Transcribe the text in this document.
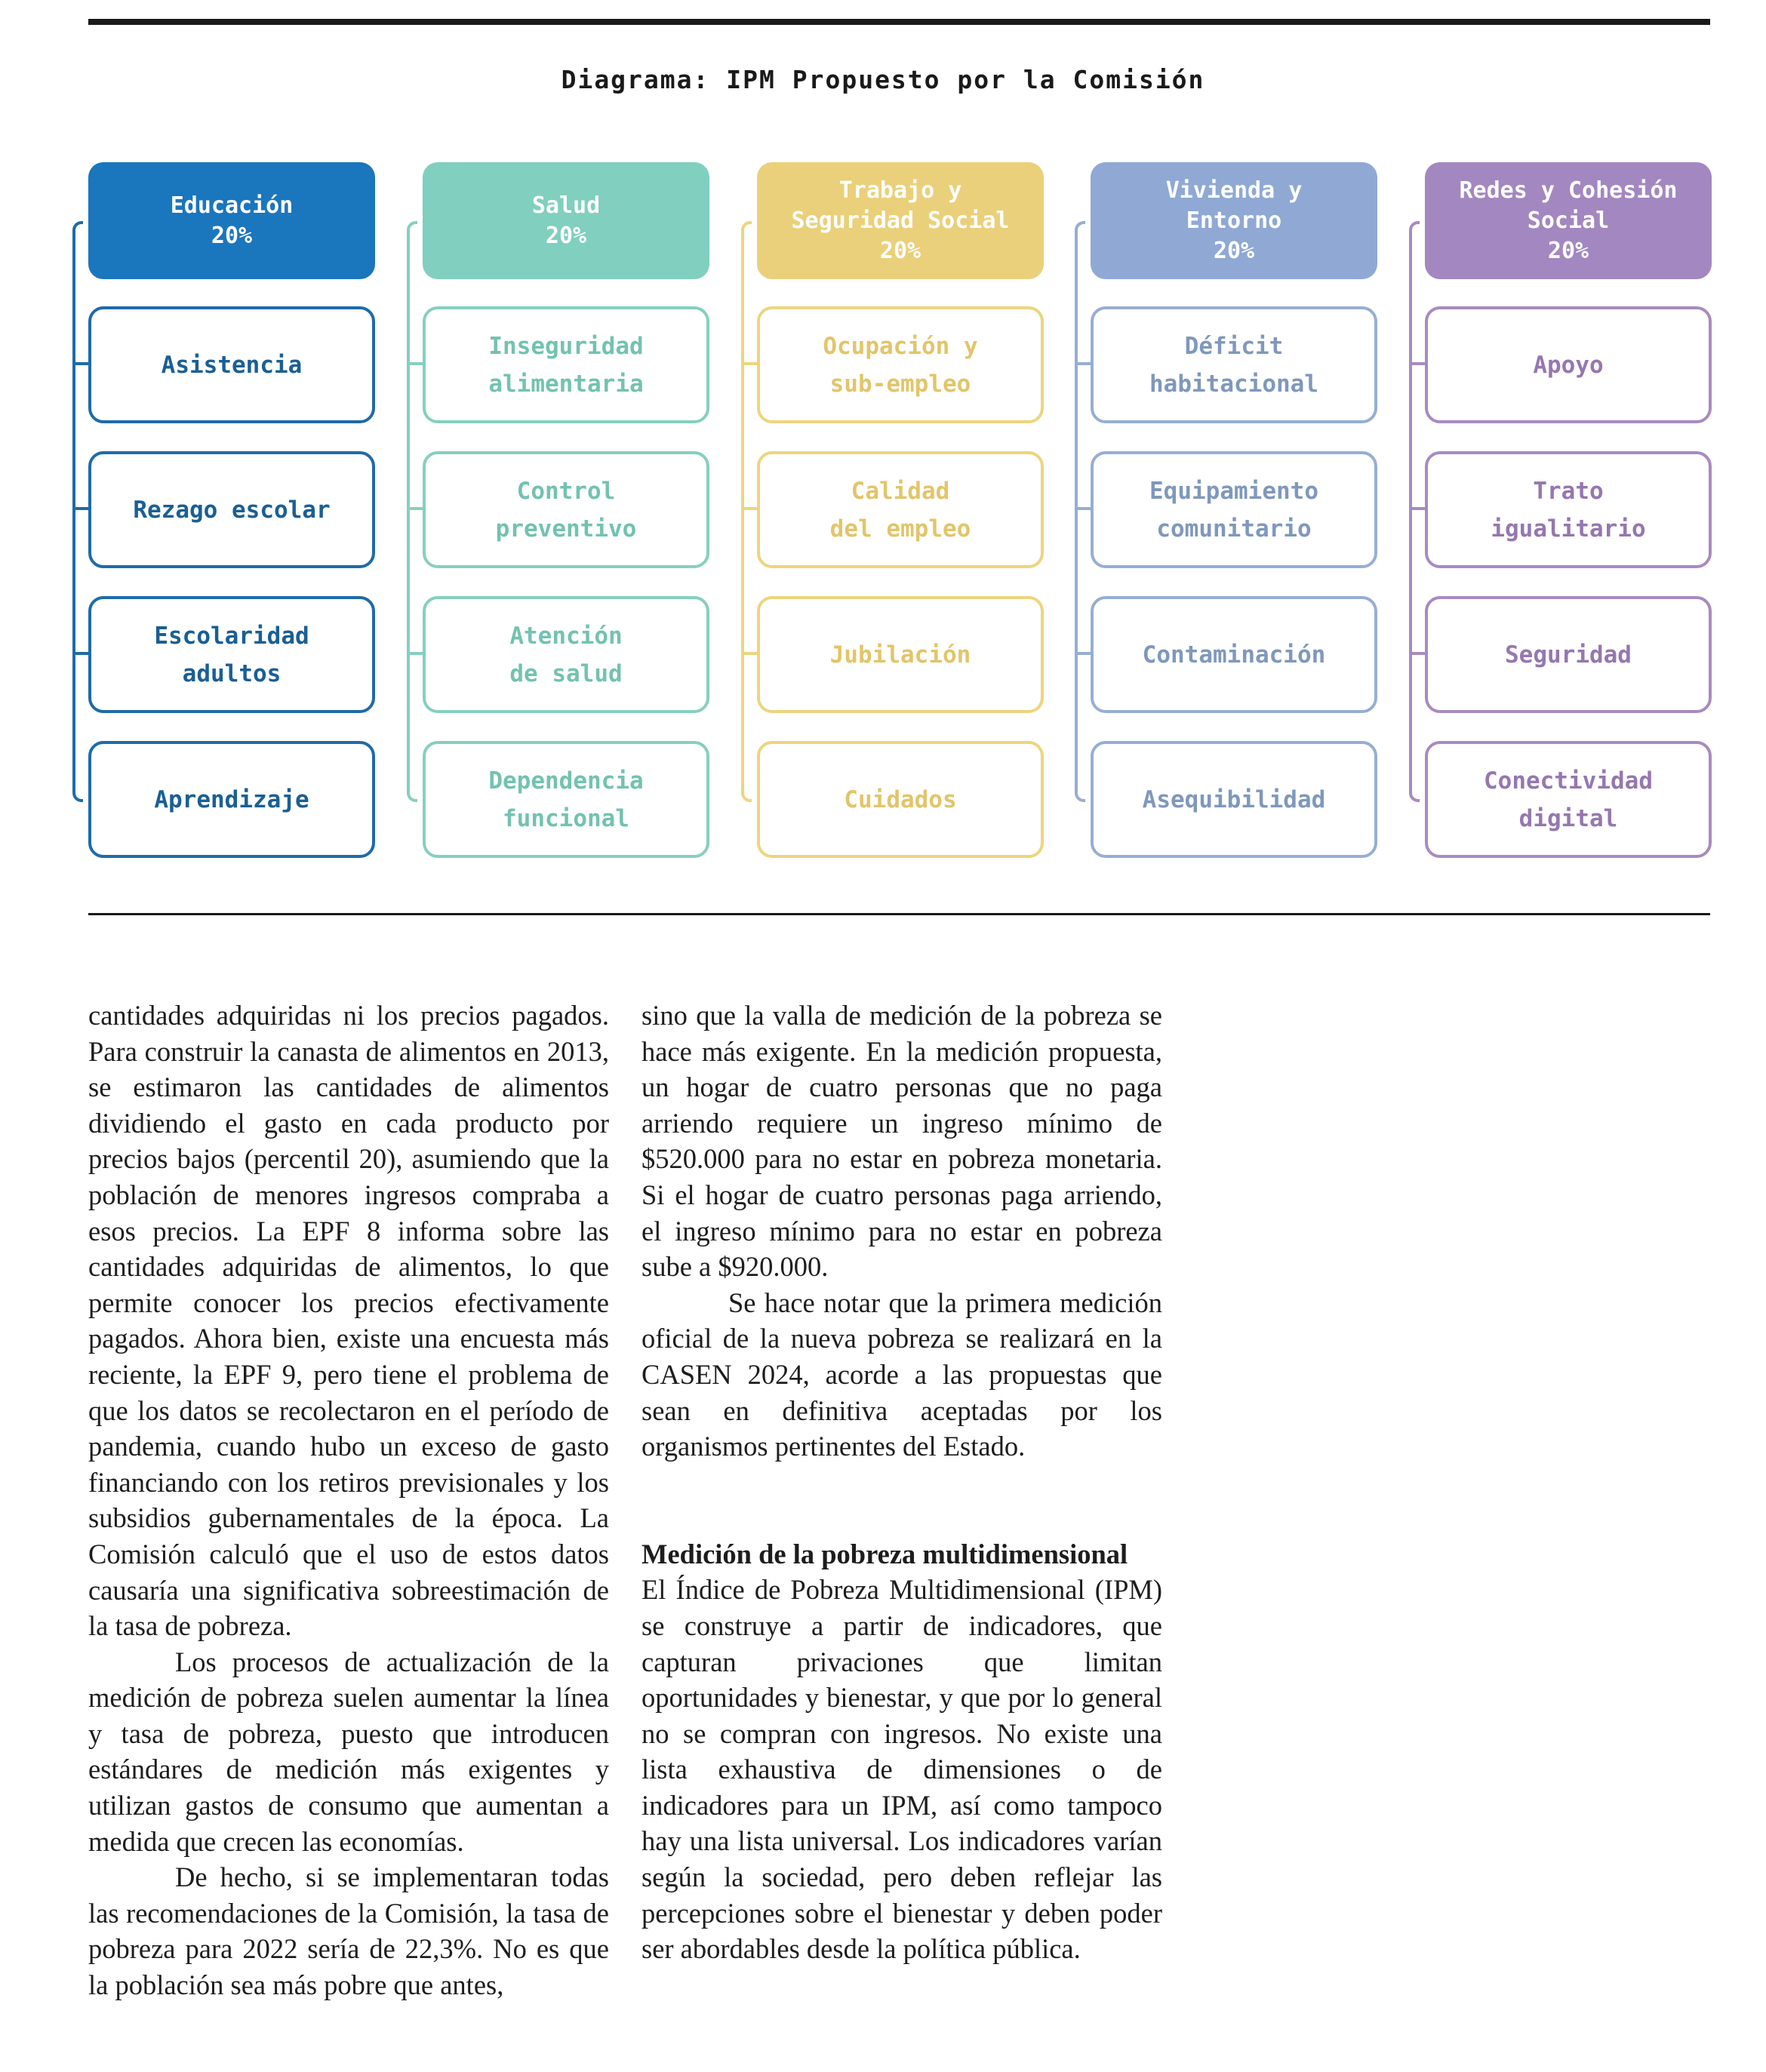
Diagrama: IPM Propuesto por la Comisión
Educación
20%
Asistencia
Rezago escolar
Escolaridad
adultos
Aprendizaje
Salud
20%
Inseguridad
alimentaria
Control
preventivo
Atención
de salud
Dependencia
funcional
Trabajo y
Seguridad Social
20%
Ocupación y
sub-empleo
Calidad
del empleo
Jubilación
Cuidados
Vivienda y
Entorno
20%
Déficit
habitacional
Equipamiento
comunitario
Contaminación
Asequibilidad
Redes y Cohesión
Social
20%
Apoyo
Trato
igualitario
Seguridad
Conectividad
digital

cantidades adquiridas ni los precios pagados. Para construir la canasta de alimentos en 2013, se estimaron las cantidades de alimentos dividiendo el gasto en cada producto por precios bajos (percentil 20), asumiendo que la población de menores ingresos compraba a esos precios. La EPF 8 informa sobre las cantidades adquiridas de alimentos, lo que permite conocer los precios efectivamente pagados. Ahora bien, existe una encuesta más reciente, la EPF 9, pero tiene el problema de que los datos se recolectaron en el período de pandemia, cuando hubo un exceso de gasto financiando con los retiros previsionales y los subsidios gubernamentales de la época. La Comisión calculó que el uso de estos datos causaría una significativa sobreestimación de la tasa de pobreza.

Los procesos de actualización de la medición de pobreza suelen aumentar la línea y tasa de pobreza, puesto que introducen estándares de medición más exigentes y utilizan gastos de consumo que aumentan a medida que crecen las economías.

De hecho, si se implementaran todas las recomendaciones de la Comisión, la tasa de pobreza para 2022 sería de 22,3%. No es que la población sea más pobre que antes,

sino que la valla de medición de la pobreza se hace más exigente. En la medición propuesta, un hogar de cuatro personas que no paga arriendo requiere un ingreso mínimo de $520.000 para no estar en pobreza monetaria. Si el hogar de cuatro personas paga arriendo, el ingreso mínimo para no estar en pobreza sube a $920.000.

Se hace notar que la primera medición oficial de la nueva pobreza se realizará en la CASEN 2024, acorde a las propuestas que sean en definitiva aceptadas por los organismos pertinentes del Estado.

Medición de la pobreza multidimensional

El Índice de Pobreza Multidimensional (IPM) se construye a partir de indicadores, que capturan privaciones que limitan oportunidades y bienestar, y que por lo general no se compran con ingresos. No existe una lista exhaustiva de dimensiones o de indicadores para un IPM, así como tampoco hay una lista universal. Los indicadores varían según la sociedad, pero deben reflejar las percepciones sobre el bienestar y deben poder ser abordables desde la política pública.
